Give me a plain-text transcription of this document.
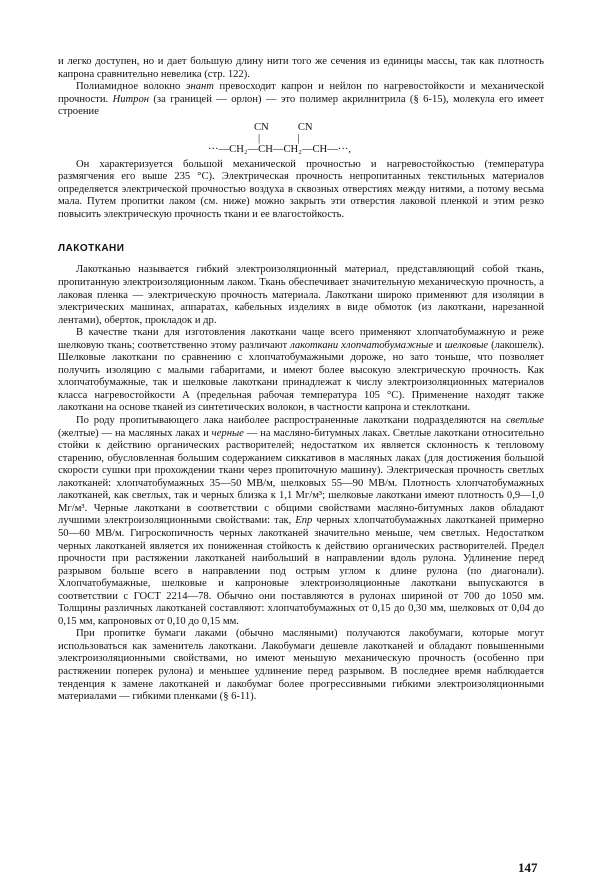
и легко доступен, но и дает большую длину нити того же сечения из единицы массы, так как плотность капрона сравнительно невелика (стр. 122).

Полиамидное волокно энант превосходит капрон и нейлон по нагревостойкости и механической прочности. Нитрон (за границей — орлон) — это полимер акрилнитрила (§ 6-15), молекула его имеет строение

CN           CN
|              |
···—CH₂—CH—CH₂—CH—···,

Он характеризуется большой механической прочностью и нагревостойкостью (температура размягчения его выше 235 °С). Электрическая прочность непропитанных текстильных материалов определяется электрической прочностью воздуха в сквозных отверстиях между нитями, а потому весьма мала. Путем пропитки лаком (см. ниже) можно закрыть эти отверстия лаковой пленкой и этим резко повысить электрическую прочность ткани и ее влагостойкость.

ЛАКОТКАНИ

Лакотканью называется гибкий электроизоляционный материал, представляющий собой ткань, пропитанную электроизоляционным лаком. Ткань обеспечивает значительную механическую прочность, а лаковая пленка — электрическую прочность материала. Лакоткани широко применяют для изоляции в электрических машинах, аппаратах, кабельных изделиях в виде обмоток (из лакоткани, нарезанной лентами), оберток, прокладок и др.

В качестве ткани для изготовления лакоткани чаще всего применяют хлопчатобумажную и реже шелковую ткань; соответственно этому различают лакоткани хлопчатобумажные и шелковые (лакошелк). Шелковые лакоткани по сравнению с хлопчатобумажными дороже, но зато тоньше, что позволяет получить изоляцию с малыми габаритами, и имеют более высокую электрическую прочность. Как хлопчатобумажные, так и шелковые лакоткани принадлежат к числу электроизоляционных материалов класса нагревостойкости А (предельная рабочая температура 105 °С). Применение находят также лакоткани на основе тканей из синтетических волокон, в частности капрона и стеклоткани.

По роду пропитывающего лака наиболее распространенные лакоткани подразделяются на светлые (желтые) — на масляных лаках и черные — на масляно-битумных лаках. Светлые лакоткани относительно стойки к действию органических растворителей; недостатком их является склонность к тепловому старению, обусловленная большим содержанием сиккативов в масляных лаках (для достижения большой скорости сушки при прохождении ткани через пропиточную машину). Электрическая прочность светлых лакотканей: хлопчатобумажных 35—50 МВ/м, шелковых 55—90 МВ/м. Плотность хлопчатобумажных лакотканей, как светлых, так и черных близка к 1,1 Мг/м³; шелковые лакоткани имеют плотность 0,9—1,0 Мг/м³. Черные лакоткани в соответствии с общими свойствами масляно-битумных лаков обладают лучшими электроизоляционными свойствами: так, Eпр черных хлопчатобумажных лакотканей примерно 50—60 МВ/м. Гигроскопичность черных лакотканей значительно меньше, чем светлых. Недостатком черных лакотканей является их пониженная стойкость к действию органических растворителей. Предел прочности при растяжении лакотканей наибольший в направлении вдоль рулона. Удлинение перед разрывом больше всего в направлении под острым углом к длине рулона (по диагонали). Хлопчатобумажные, шелковые и капроновые электроизоляционные лакоткани выпускаются в соответствии с ГОСТ 2214—78. Обычно они поставляются в рулонах шириной от 700 до 1050 мм. Толщины различных лакотканей составляют: хлопчатобумажных от 0,15 до 0,30 мм, шелковых от 0,04 до 0,15 мм, капроновых от 0,10 до 0,15 мм.

При пропитке бумаги лаками (обычно масляными) получаются лакобумаги, которые могут использоваться как заменитель лакоткани. Лакобумаги дешевле лакотканей и обладают повышенными электроизоляционными свойствами, но имеют меньшую механическую прочность (особенно при растяжении поперек рулона) и меньшее удлинение перед разрывом. В последнее время наблюдается тенденция к замене лакотканей и лакобумаг более прогрессивными гибкими электроизоляционными материалами — гибкими пленками (§ 6-11).

147
